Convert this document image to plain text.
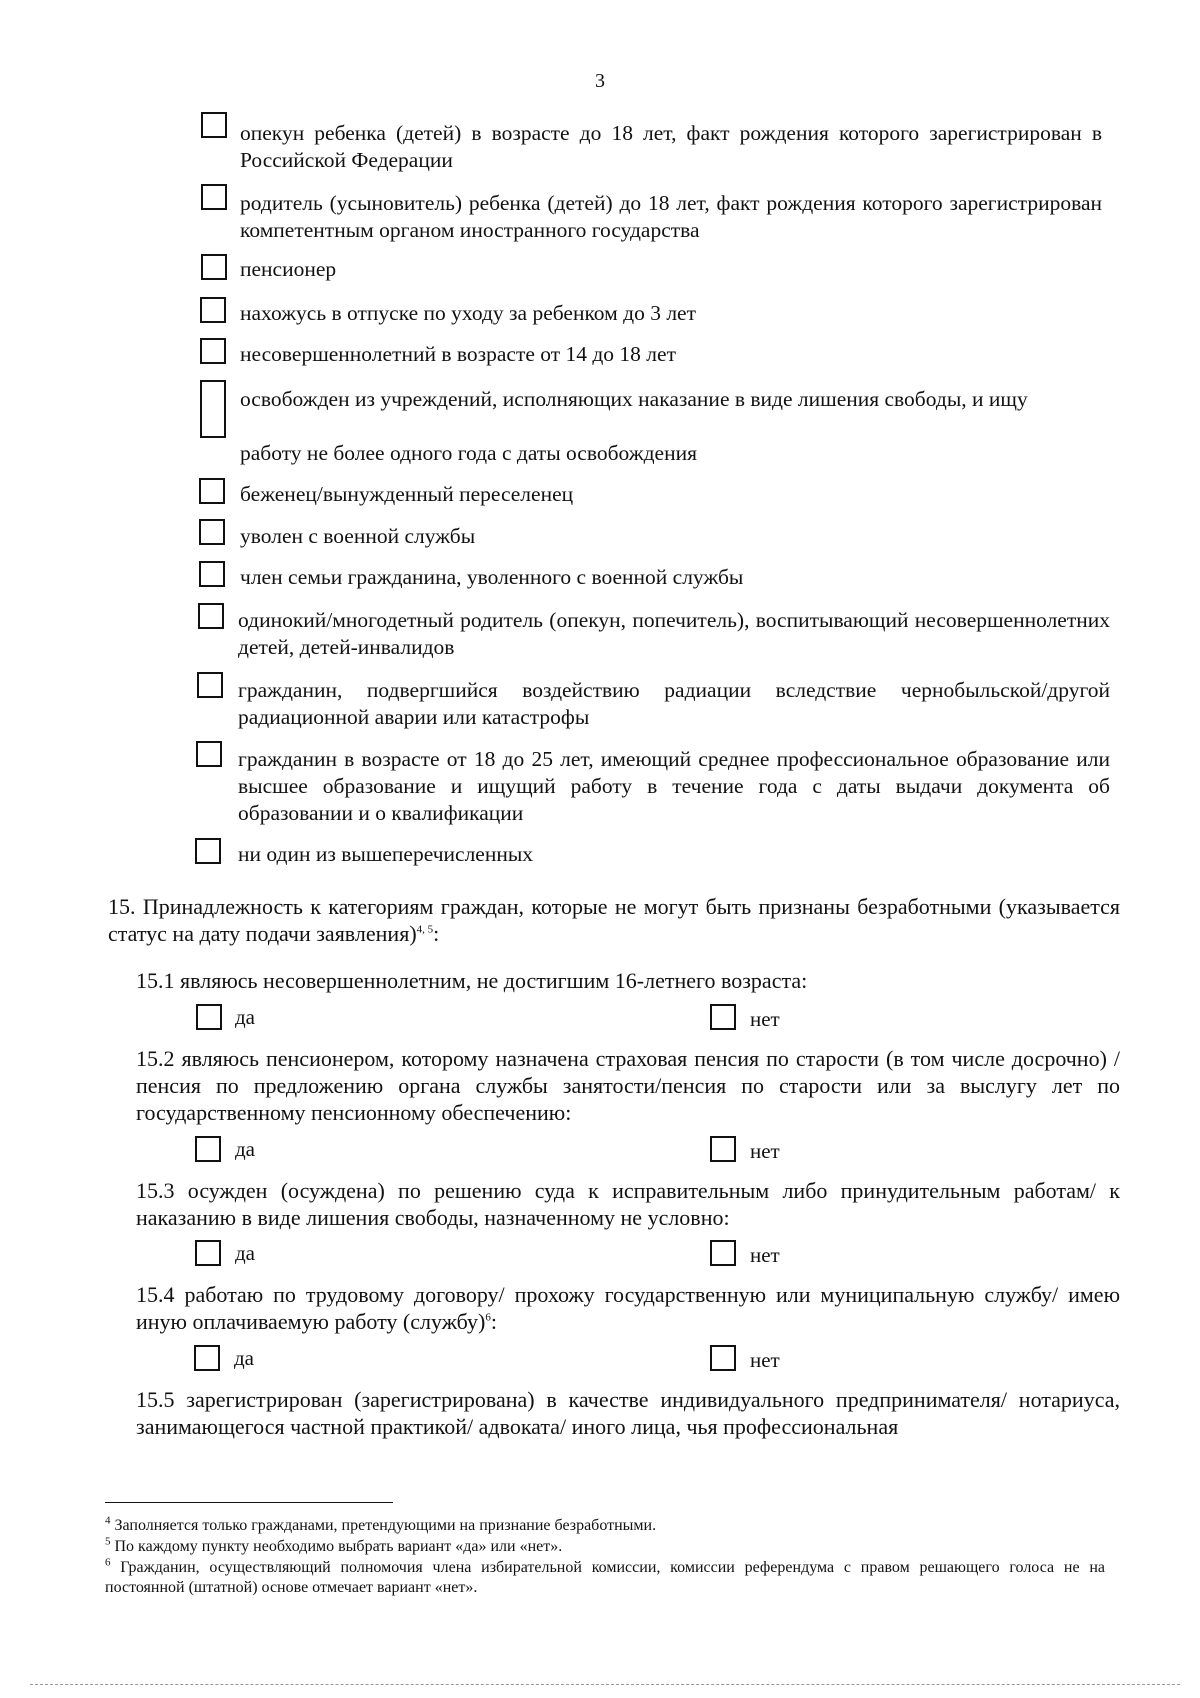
3
опекун ребенка (детей) в возрасте до 18 лет, факт рождения которого зарегистрирован в Российской Федерации
родитель (усыновитель) ребенка (детей) до 18 лет, факт рождения которого зарегистрирован компетентным органом иностранного государства
пенсионер
нахожусь в отпуске по уходу за ребенком до 3 лет
несовершеннолетний в возрасте от 14 до 18 лет
освобожден из учреждений, исполняющих наказание в виде лишения свободы, и ищу
работу не более одного года с даты освобождения
беженец/вынужденный переселенец
уволен с военной службы
член семьи гражданина, уволенного с военной службы
одинокий/многодетный родитель (опекун, попечитель), воспитывающий несовершеннолетних детей, детей-инвалидов
гражданин, подвергшийся воздействию радиации вследствие чернобыльской/другой радиационной аварии или катастрофы
гражданин в возрасте от 18 до 25 лет, имеющий среднее профессиональное образование или высшее образование и ищущий работу в течение года с даты выдачи документа об образовании и о квалификации
ни один из вышеперечисленных
15. Принадлежность к категориям граждан, которые не могут быть признаны безработными (указывается статус на дату подачи заявления)$^{4, 5}$:
15.1 являюсь несовершеннолетним, не достигшим 16-летнего возраста:
да	нет
15.2 являюсь пенсионером, которому назначена страховая пенсия по старости (в том числе досрочно) /пенсия по предложению органа службы занятости/пенсия по старости или за выслугу лет по государственному пенсионному обеспечению:
да	нет
15.3 осужден (осуждена) по решению суда к исправительным либо принудительным работам/ к наказанию в виде лишения свободы, назначенному не условно:
да	нет
15.4 работаю по трудовому договору/ прохожу государственную или муниципальную службу/ имею иную оплачиваемую работу (службу)$^6$:
да	нет
15.5 зарегистрирован (зарегистрирована) в качестве индивидуального предпринимателя/ нотариуса, занимающегося частной практикой/ адвоката/ иного лица, чья профессиональная
$^4$ Заполняется только гражданами, претендующими на признание безработными.
$^5$ По каждому пункту необходимо выбрать вариант «да» или «нет».
$^6$ Гражданин, осуществляющий полномочия члена избирательной комиссии, комиссии референдума с правом решающего голоса не на постоянной (штатной) основе отмечает вариант «нет».
